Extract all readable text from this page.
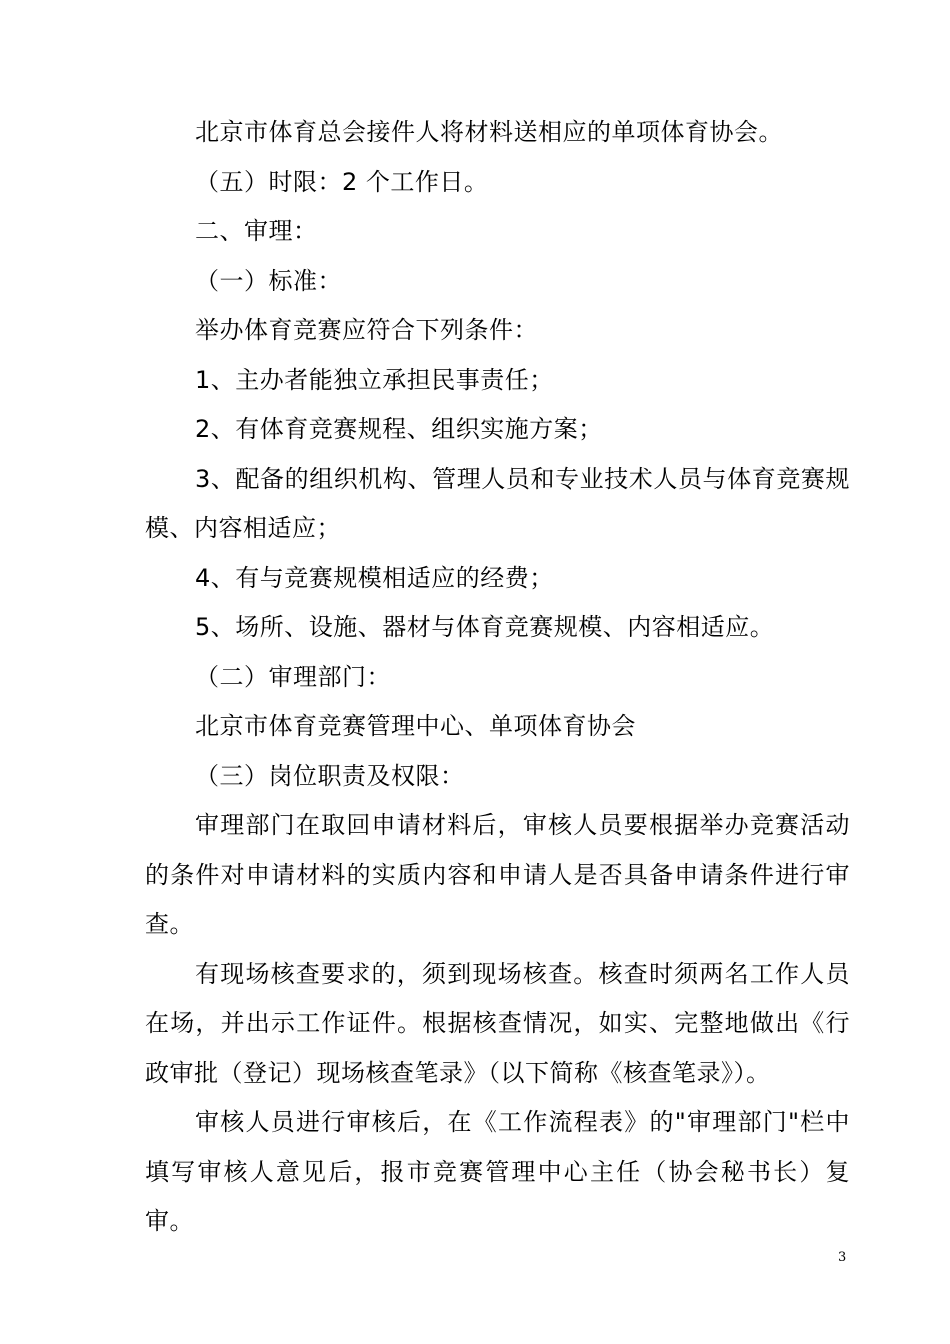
北京市体育总会接件人将材料送相应的单项体育协会。

（五）时限：2 个工作日。

二、审理：

（一）标准：

举办体育竞赛应符合下列条件：

1、主办者能独立承担民事责任；

2、有体育竞赛规程、组织实施方案；

3、配备的组织机构、管理人员和专业技术人员与体育竞赛规模、内容相适应；

4、有与竞赛规模相适应的经费；

5、场所、设施、器材与体育竞赛规模、内容相适应。

（二）审理部门：

北京市体育竞赛管理中心、单项体育协会

（三）岗位职责及权限：

审理部门在取回申请材料后，审核人员要根据举办竞赛活动的条件对申请材料的实质内容和申请人是否具备申请条件进行审查。

有现场核查要求的，须到现场核查。核查时须两名工作人员在场，并出示工作证件。根据核查情况，如实、完整地做出《行政审批（登记）现场核查笔录》（以下简称《核查笔录》）。

审核人员进行审核后，在《工作流程表》的"审理部门"栏中填写审核人意见后，报市竞赛管理中心主任（协会秘书长）复审。

3
